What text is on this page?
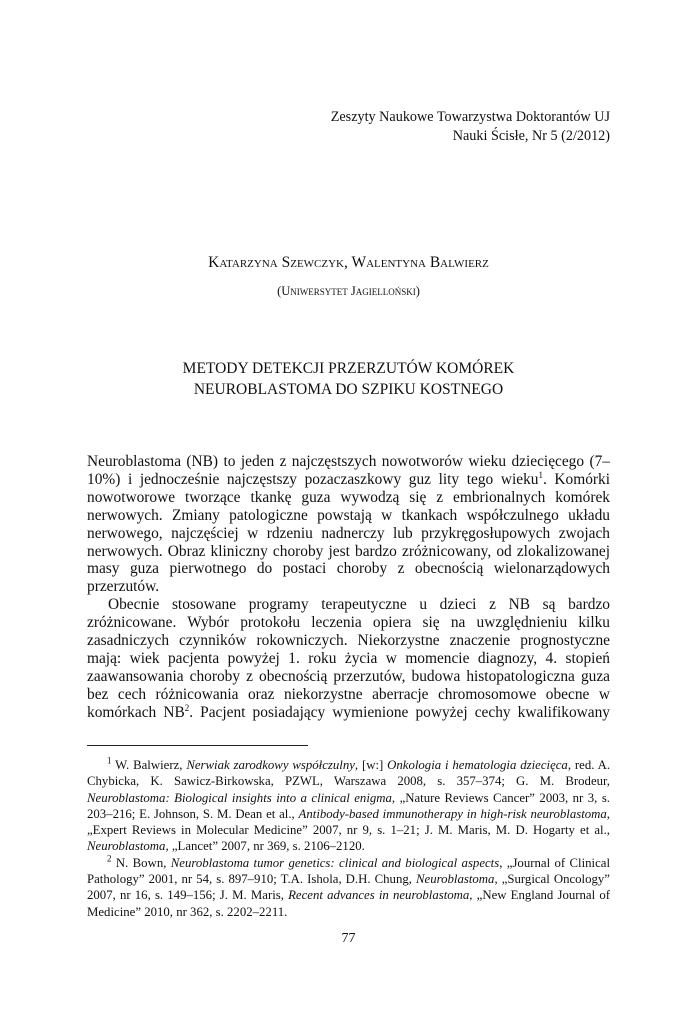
Zeszyty Naukowe Towarzystwa Doktorantów UJ
Nauki Ścisłe, Nr 5 (2/2012)
Katarzyna Szewczyk, Walentyna Balwierz
(Uniwersytet Jagielloński)
METODY DETEKCJI PRZERZUTÓW KOMÓREK
NEUROBLASTOMA DO SZPIKU KOSTNEGO

Neuroblastoma (NB) to jeden z najczęstszych nowotworów wieku dziecięcego (7–10%) i jednocześnie najczęstszy pozaczaszkowy guz lity tego wieku$^1$. Komórki nowotworowe tworzące tkankę guza wywodzą się z embrionalnych komórek nerwowych. Zmiany patologiczne powstają w tkankach współczulnego układu nerwowego, najczęściej w rdzeniu nadnerczy lub przykręgosłupowych zwojach nerwowych. Obraz kliniczny choroby jest bardzo zróżnicowany, od zlokalizowanej masy guza pierwotnego do postaci choroby z obecnością wielonarządowych przerzutów.

Obecnie stosowane programy terapeutyczne u dzieci z NB są bardzo zróżnicowane. Wybór protokołu leczenia opiera się na uwzględnieniu kilku zasadniczych czynników rokowniczych. Niekorzystne znaczenie prognostyczne mają: wiek pacjenta powyżej 1. roku życia w momencie diagnozy, 4. stopień zaawansowania choroby z obecnością przerzutów, budowa histopatologiczna guza bez cech różnicowania oraz niekorzystne aberracje chromosomowe obecne w komórkach $NB^2$. Pacjent posiadający wymienione powyżej cechy kwalifikowany

$^1$ W. Balwierz, Nerwiak zarodkowy współczulny, [w:] Onkologia i hematologia dziecięca, red. A. Chybicka, K. Sawicz-Birkowska, PZWL, Warszawa 2008, s. 357–374; G. M. Brodeur, Neuroblastoma: Biological insights into a clinical enigma, „Nature Reviews Cancer” 2003, nr 3, s. 203–216; E. Johnson, S. M. Dean et al., Antibody-based immunotherapy in high-risk neuroblastoma, „Expert Reviews in Molecular Medicine” 2007, nr 9, s. 1–21; J. M. Maris, M. D. Hogarty et al., Neuroblastoma, „Lancet” 2007, nr 369, s. 2106–2120.

$^2$ N. Bown, Neuroblastoma tumor genetics: clinical and biological aspects, „Journal of Clinical Pathology” 2001, nr 54, s. 897–910; T.A. Ishola, D.H. Chung, Neuroblastoma, „Surgical Oncology” 2007, nr 16, s. 149–156; J. M. Maris, Recent advances in neuroblastoma, „New England Journal of Medicine” 2010, nr 362, s. 2202–2211.

77
